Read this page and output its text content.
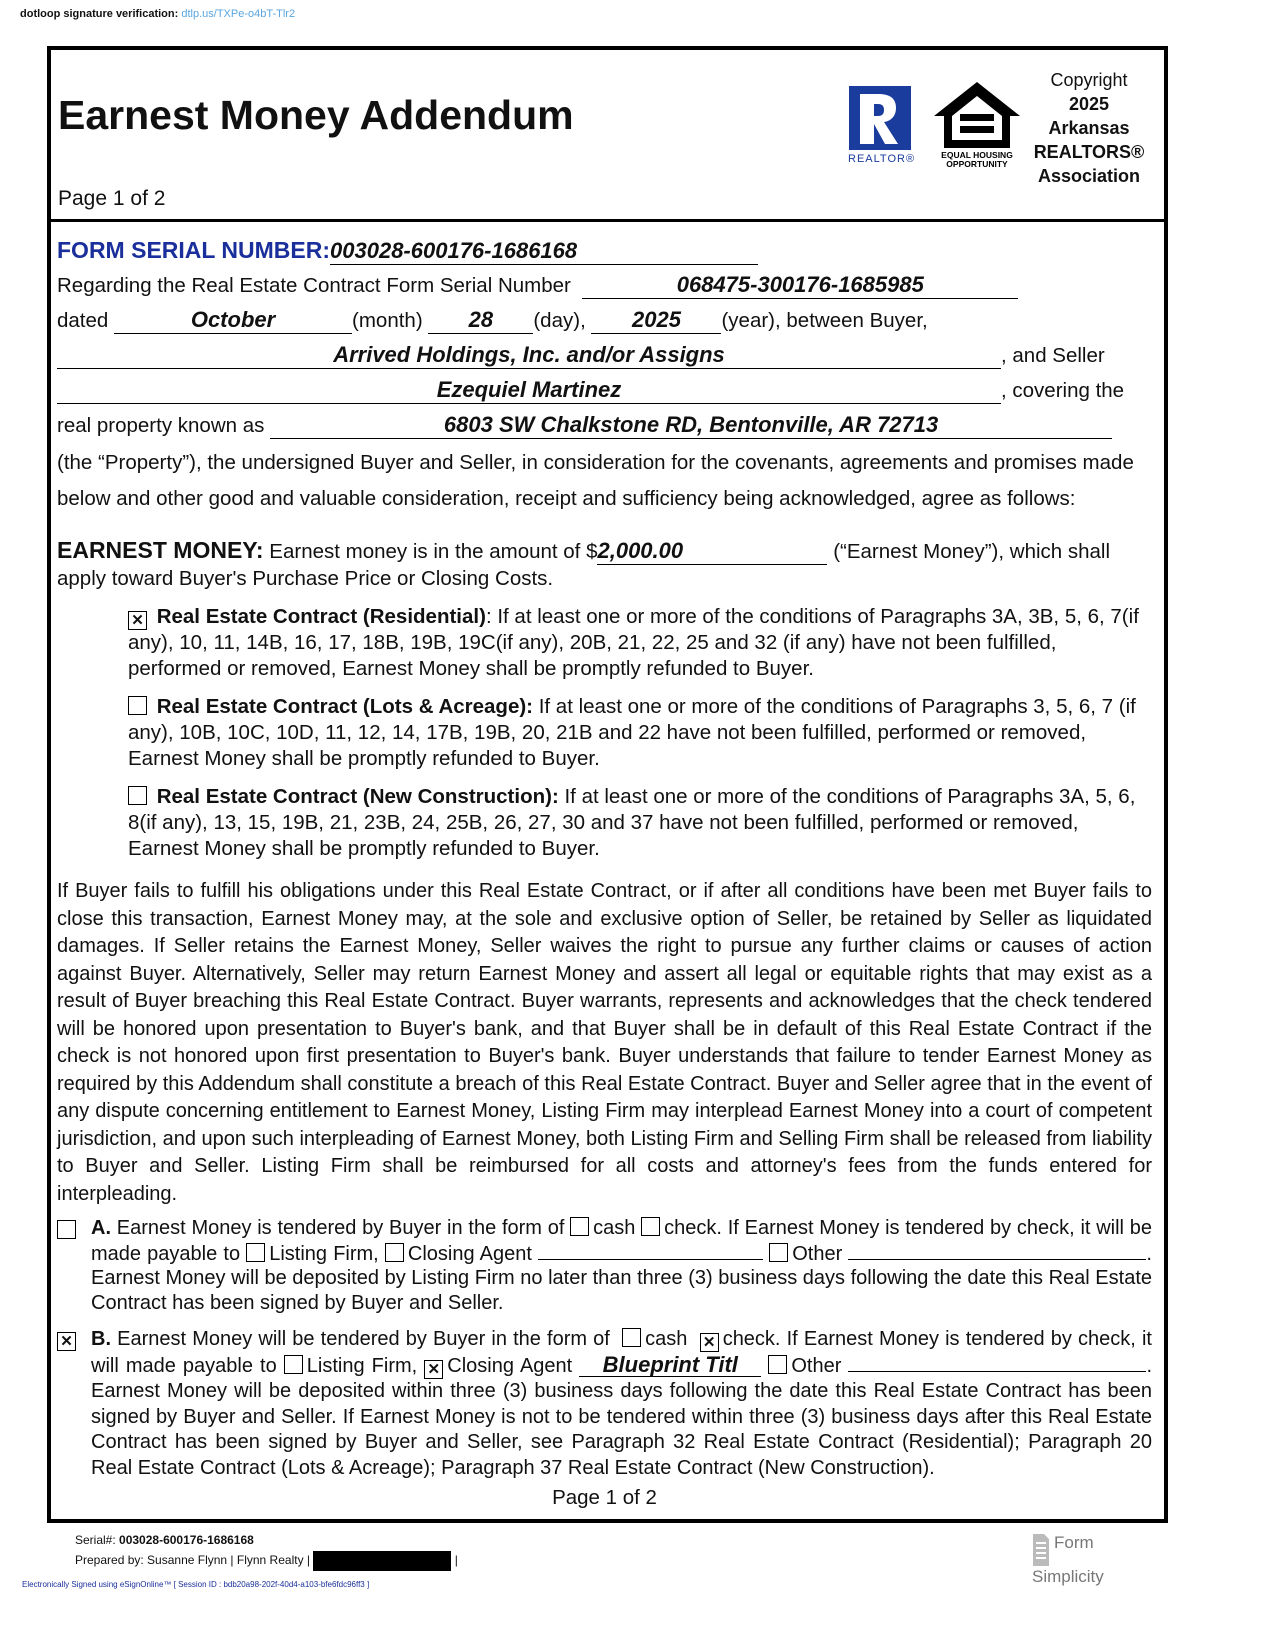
dotloop signature verification: dtlp.us/TXPe-o4bT-Tlr2
Earnest Money Addendum
Page 1 of 2
REALTOR®	EQUAL HOUSING
OPPORTUNITY
Copyright
2025
Arkansas
REALTORS®
Association
FORM SERIAL NUMBER:003028-600176-1686168
Regarding the Real Estate Contract Form Serial Number	068475-300176-1685985
dated	October	(month) 28 (day), 2025 (year), between Buyer,
Arrived Holdings, Inc. and/or Assigns	, and Seller
Ezequiel Martinez	, covering the
real property known as	6803 SW Chalkstone RD, Bentonville, AR 72713
(the “Property”), the undersigned Buyer and Seller, in consideration for the covenants, agreements and promises made below and other good and valuable consideration, receipt and sufficiency being acknowledged, agree as follows:
EARNEST MONEY: Earnest money is in the amount of $2,000.00	(“Earnest Money”), which shall apply toward Buyer's Purchase Price or Closing Costs.
✕ Real Estate Contract (Residential): If at least one or more of the conditions of Paragraphs 3A, 3B, 5, 6, 7(if any), 10, 11, 14B, 16, 17, 18B, 19B, 19C(if any), 20B, 21, 22, 25 and 32 (if any) have not been fulfilled, performed or removed, Earnest Money shall be promptly refunded to Buyer.
Real Estate Contract (Lots & Acreage): If at least one or more of the conditions of Paragraphs 3, 5, 6, 7 (if any), 10B, 10C, 10D, 11, 12, 14, 17B, 19B, 20, 21B and 22 have not been fulfilled, performed or removed, Earnest Money shall be promptly refunded to Buyer.
Real Estate Contract (New Construction): If at least one or more of the conditions of Paragraphs 3A, 5, 6, 8(if any), 13, 15, 19B, 21, 23B, 24, 25B, 26, 27, 30 and 37 have not been fulfilled, performed or removed, Earnest Money shall be promptly refunded to Buyer.
If Buyer fails to fulfill his obligations under this Real Estate Contract, or if after all conditions have been met Buyer fails to close this transaction, Earnest Money may, at the sole and exclusive option of Seller, be retained by Seller as liquidated damages. If Seller retains the Earnest Money, Seller waives the right to pursue any further claims or causes of action against Buyer. Alternatively, Seller may return Earnest Money and assert all legal or equitable rights that may exist as a result of Buyer breaching this Real Estate Contract. Buyer warrants, represents and acknowledges that the check tendered will be honored upon presentation to Buyer's bank, and that Buyer shall be in default of this Real Estate Contract if the check is not honored upon first presentation to Buyer's bank. Buyer understands that failure to tender Earnest Money as required by this Addendum shall constitute a breach of this Real Estate Contract. Buyer and Seller agree that in the event of any dispute concerning entitlement to Earnest Money, Listing Firm may interplead Earnest Money into a court of competent jurisdiction, and upon such interpleading of Earnest Money, both Listing Firm and Selling Firm shall be released from liability to Buyer and Seller. Listing Firm shall be reimbursed for all costs and attorney's fees from the funds entered for interpleading.
A. Earnest Money is tendered by Buyer in the form of cash check. If Earnest Money is tendered by check, it will be made payable to Listing Firm, Closing Agent	Other	. Earnest Money will be deposited by Listing Firm no later than three (3) business days following the date this Real Estate Contract has been signed by Buyer and Seller.
✕ B. Earnest Money will be tendered by Buyer in the form of cash ✕ check. If Earnest Money is tendered by check, it will made payable to Listing Firm, ✕ Closing Agent Blueprint Titl	Other	. Earnest Money will be deposited within three (3) business days following the date this Real Estate Contract has been signed by Buyer and Seller. If Earnest Money is not to be tendered within three (3) business days after this Real Estate Contract has been signed by Buyer and Seller, see Paragraph 32 Real Estate Contract (Residential); Paragraph 20 Real Estate Contract (Lots & Acreage); Paragraph 37 Real Estate Contract (New Construction).
Page 1 of 2
Serial#: 003028-600176-1686168
Prepared by: Susanne Flynn | Flynn Realty |	|
Electronically Signed using eSignOnline™ [ Session ID : bdb20a98-202f-40d4-a103-bfe6fdc96ff3 ]
Form
Simplicity
